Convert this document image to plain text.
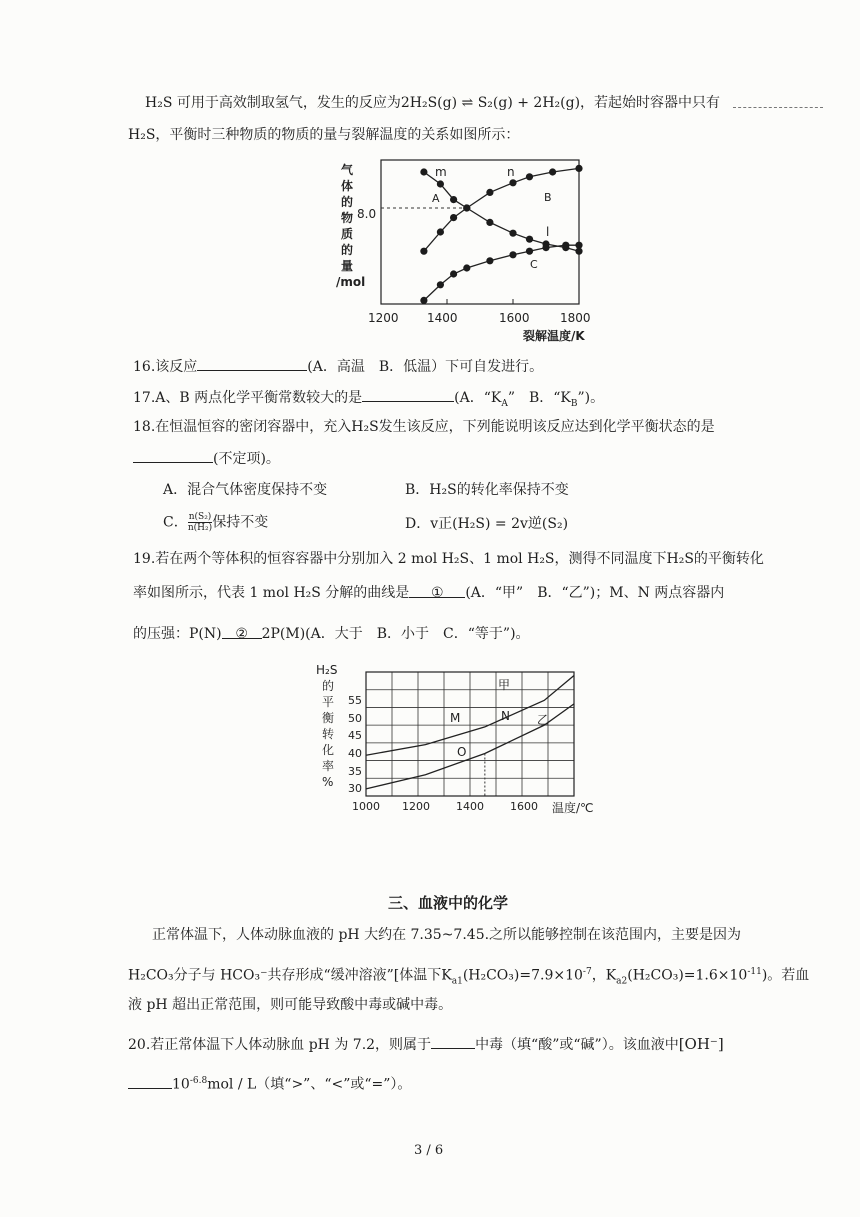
H₂S 可用于高效制取氢气，发生的反应为2H₂S(g) ⇌ S₂(g) + 2H₂(g)，若起始时容器中只有
H₂S，平衡时三种物质的物质的量与裂解温度的关系如图所示：
气
体
的
物
质
的
量
/mol
8.0
1200 1400	1600	1800
裂解温度/K
m	n
l
A	B
C
16.该反应	(A．高温　B．低温）下可自发进行。
17.A、B 两点化学平衡常数较大的是	(A．“$K_A$”　B．“$K_B$”)。
18.在恒温恒容的密闭容器中，充入H₂S发生该反应，下列能说明该反应达到化学平衡状态的是
(不定项)。
A．混合气体密度保持不变	B．H₂S的转化率保持不变
C． $\frac{\text{n(S₂)}}{\text{n(H₂)}}$ 保持不变	D．v正(H₂S) = 2v逆(S₂)
19.若在两个等体积的恒容容器中分别加入 2 mol H₂S、1 mol H₂S，测得不同温度下H₂S的平衡转化
率如图所示，代表 1 mol H₂S 分解的曲线是 ① (A．“甲”　B．“乙”)；M、N 两点容器内
的压强：P(N) ② 2P(M)(A．大于　B．小于　C．“等于”)。
H₂S
的
平
衡
转
化
率
%
55
50
45
40
35
30
1000 1200 1400 1600 温度/℃
甲
乙
M	N
O
三、血液中的化学
正常体温下，人体动脉血液的 pH 大约在 7.35~7.45.之所以能够控制在该范围内，主要是因为
H₂CO₃分子与 HCO₃⁻共存形成“缓冲溶液”[体温下$K_{a1}(H_2CO_3)=7.9\times 10^{-7}$，$K_{a2}(H_2CO_3)=1.6\times 10^{-11}$)。若血
液 pH 超出正常范围，则可能导致酸中毒或碱中毒。
20.若正常体温下人体动脉血 pH 为 7.2，则属于	中毒（填“酸”或“碱”）。该血液中[OH⁻]
$10^{-6.8}mol / L$（填“>”、“<”或“=”）。
3 / 6
